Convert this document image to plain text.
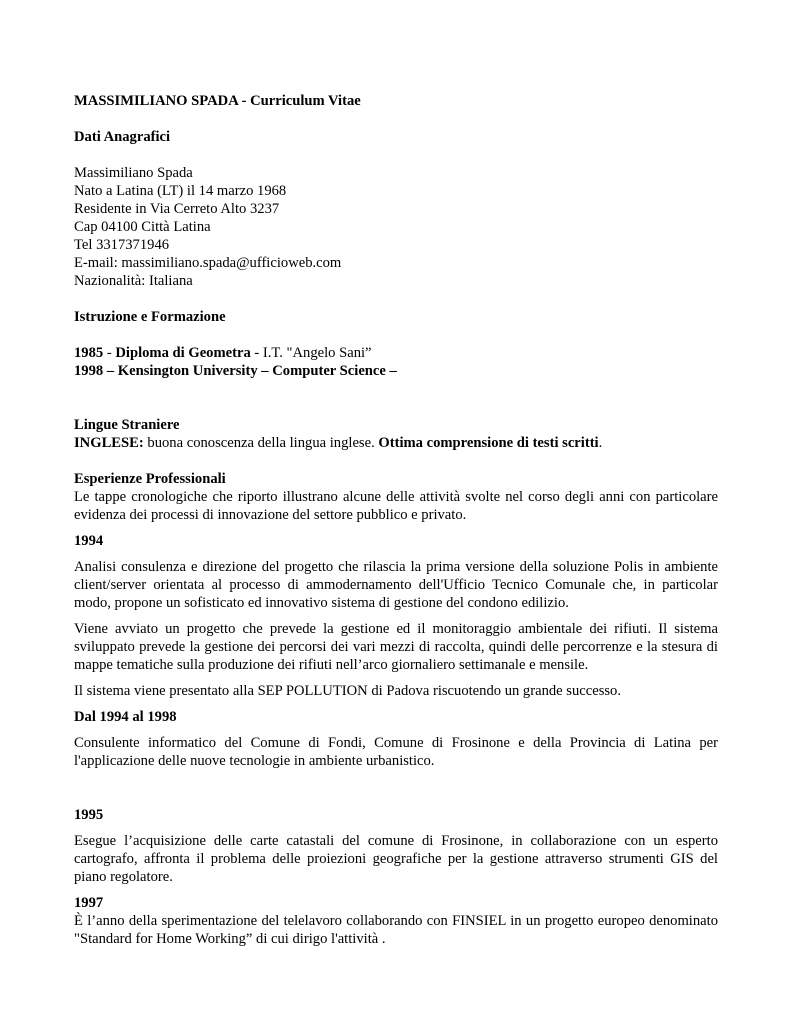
MASSIMILIANO SPADA - Curriculum Vitae

Dati Anagrafici

Massimiliano Spada

Nato a Latina (LT) il 14 marzo 1968

Residente in Via Cerreto Alto 3237

Cap 04100 Città Latina

Tel 3317371946

E-mail: massimiliano.spada@ufficioweb.com

Nazionalità: Italiana

Istruzione e Formazione

1985 - Diploma di Geometra - I.T. "Angelo Sani”

1998 – Kensington University – Computer Science –

Lingue Straniere

INGLESE: buona conoscenza della lingua inglese. Ottima comprensione di testi scritti.

Esperienze Professionali

Le tappe cronologiche che riporto illustrano alcune delle attività svolte nel corso degli anni con particolare evidenza dei processi di innovazione del settore pubblico e privato.

1994

Analisi consulenza e direzione del progetto che rilascia la prima versione della soluzione Polis in ambiente client/server orientata al processo di ammodernamento dell'Ufficio Tecnico Comunale che, in particolar modo, propone un sofisticato ed innovativo sistema di gestione del condono edilizio.

Viene avviato un progetto che prevede la gestione ed il monitoraggio ambientale dei rifiuti. Il sistema sviluppato prevede la gestione dei percorsi dei vari mezzi di raccolta, quindi delle percorrenze e la stesura di mappe tematiche sulla produzione dei rifiuti nell’arco giornaliero settimanale e mensile.

Il sistema viene presentato alla SEP POLLUTION di Padova riscuotendo un grande successo.

Dal 1994 al 1998

Consulente informatico del Comune di Fondi, Comune di Frosinone e della Provincia di Latina per l'applicazione delle nuove tecnologie in ambiente urbanistico.

1995

Esegue l’acquisizione delle carte catastali del comune di Frosinone, in collaborazione con un esperto cartografo, affronta il problema delle proiezioni geografiche per la gestione attraverso strumenti GIS del piano regolatore.

1997

È l’anno della sperimentazione del telelavoro collaborando con FINSIEL in un progetto europeo denominato "Standard for Home Working” di cui dirigo l'attività .
